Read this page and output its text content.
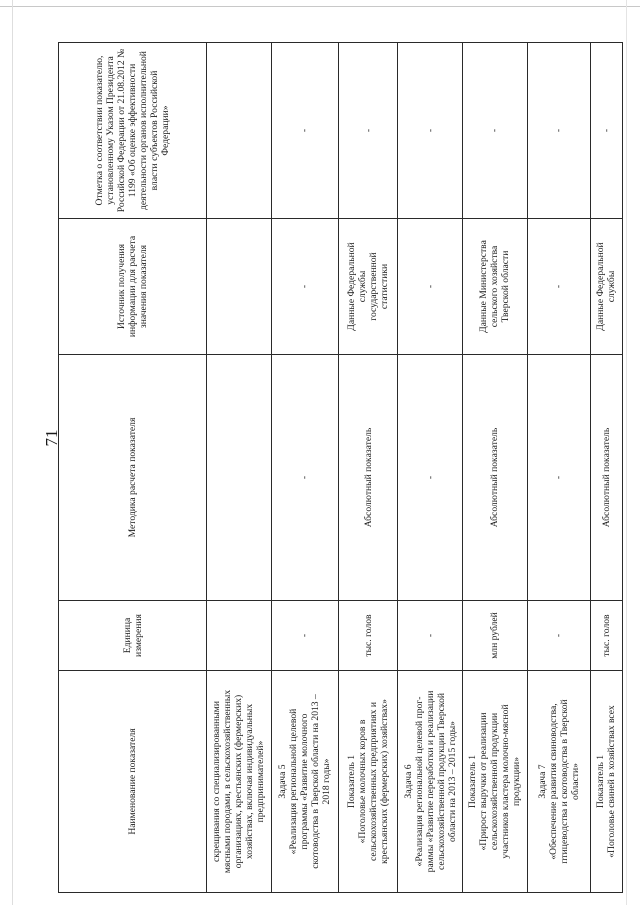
71
Наименование показателя	Единица измерения	Методика расчета показателя	Источник получения информации для расчета значения показателя	Отметка о соответствии показателю, установленному Указом Президента Российской Федерации от 21.08.2012 № 1199 «Об оценке эффективности деятельности органов исполнительной власти субъектов Российской Федерации»

скрещивания со специализированными
мясными породами, в сельскохозяйственных
организациях, крестьянских (фермерских)
хозяйствах, включая индивидуальных
предпринимателей»				

Задача 5
«Реализация региональной целевой
программы «Развитие молочного
скотоводства в Тверской области на 2013 –
2018 годы»	-	-	-	-

Показатель 1
«Поголовье молочных коров в
сельскохозяйственных предприятиях и
крестьянских (фермерских) хозяйствах»	тыс. голов	Абсолютный показатель	Данные Федеральной
службы
государственной
статистики	-

Задача 6
«Реализация региональной целевой прог-
раммы «Развитие переработки и реализации
сельскохозяйственной продукции Тверской
области на 2013 – 2015 годы»	-	-	-	-

Показатель 1
«Прирост выручки от реализации
сельскохозяйственной продукции
участников кластера молочно-мясной
продукции»	млн рублей	Абсолютный показатель	Данные Министерства
сельского хозяйства
Тверской области	-

Задача 7
«Обеспечение развития свиноводства,
птицеводства и скотоводства в Тверской
области»	-	-	-	-

Показатель 1
«Поголовье свиней в хозяйствах всех	тыс. голов	Абсолютный показатель	Данные Федеральной
службы	-
